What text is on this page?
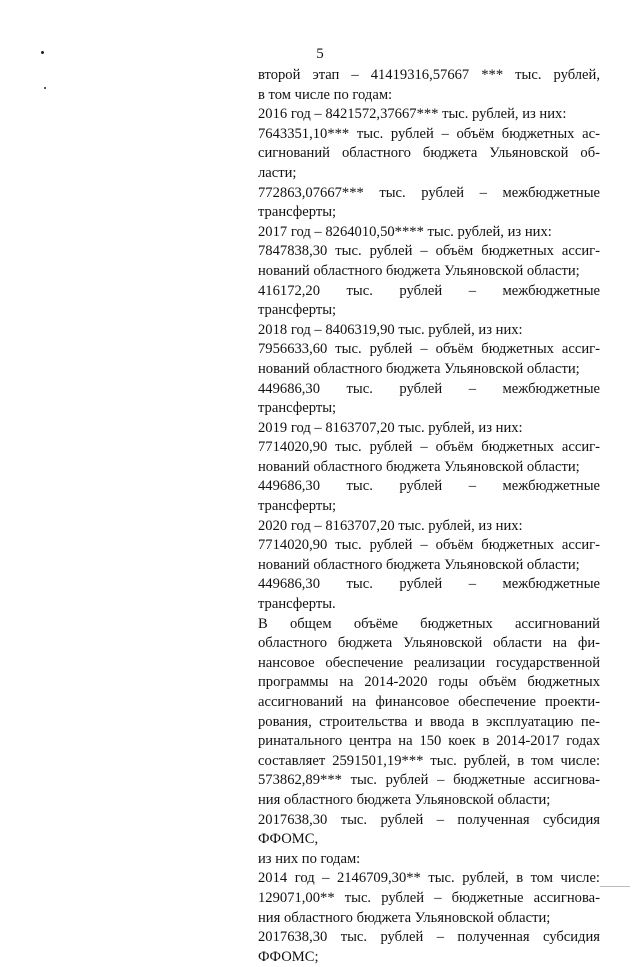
5
второй этап – 41419316,57667 *** тыс. рублей,
в том числе по годам:
2016 год – 8421572,37667*** тыс. рублей, из них:
7643351,10*** тыс. рублей – объём бюджетных ас-
сигнований областного бюджета Ульяновской об-
ласти;
772863,07667*** тыс. рублей – межбюджетные
трансферты;
2017 год – 8264010,50**** тыс. рублей, из них:
7847838,30 тыс. рублей – объём бюджетных ассиг-
нований областного бюджета Ульяновской области;
416172,20 тыс. рублей – межбюджетные
трансферты;
2018 год – 8406319,90 тыс. рублей, из них:
7956633,60 тыс. рублей – объём бюджетных ассиг-
нований областного бюджета Ульяновской области;
449686,30 тыс. рублей – межбюджетные
трансферты;
2019 год – 8163707,20 тыс. рублей, из них:
7714020,90 тыс. рублей – объём бюджетных ассиг-
нований областного бюджета Ульяновской области;
449686,30 тыс. рублей – межбюджетные
трансферты;
2020 год – 8163707,20 тыс. рублей, из них:
7714020,90 тыс. рублей – объём бюджетных ассиг-
нований областного бюджета Ульяновской области;
449686,30 тыс. рублей – межбюджетные
трансферты.
В общем объёме бюджетных ассигнований
областного бюджета Ульяновской области на фи-
нансовое обеспечение реализации государственной
программы на 2014-2020 годы объём бюджетных
ассигнований на финансовое обеспечение проекти-
рования, строительства и ввода в эксплуатацию пе-
ринатального центра на 150 коек в 2014-2017 годах
составляет 2591501,19*** тыс. рублей, в том числе:
573862,89*** тыс. рублей – бюджетные ассигнова-
ния областного бюджета Ульяновской области;
2017638,30 тыс. рублей – полученная субсидия
ФФОМС,
из них по годам:
2014 год – 2146709,30** тыс. рублей, в том числе:
129071,00** тыс. рублей – бюджетные ассигнова-
ния областного бюджета Ульяновской области;
2017638,30 тыс. рублей – полученная субсидия
ФФОМС;
